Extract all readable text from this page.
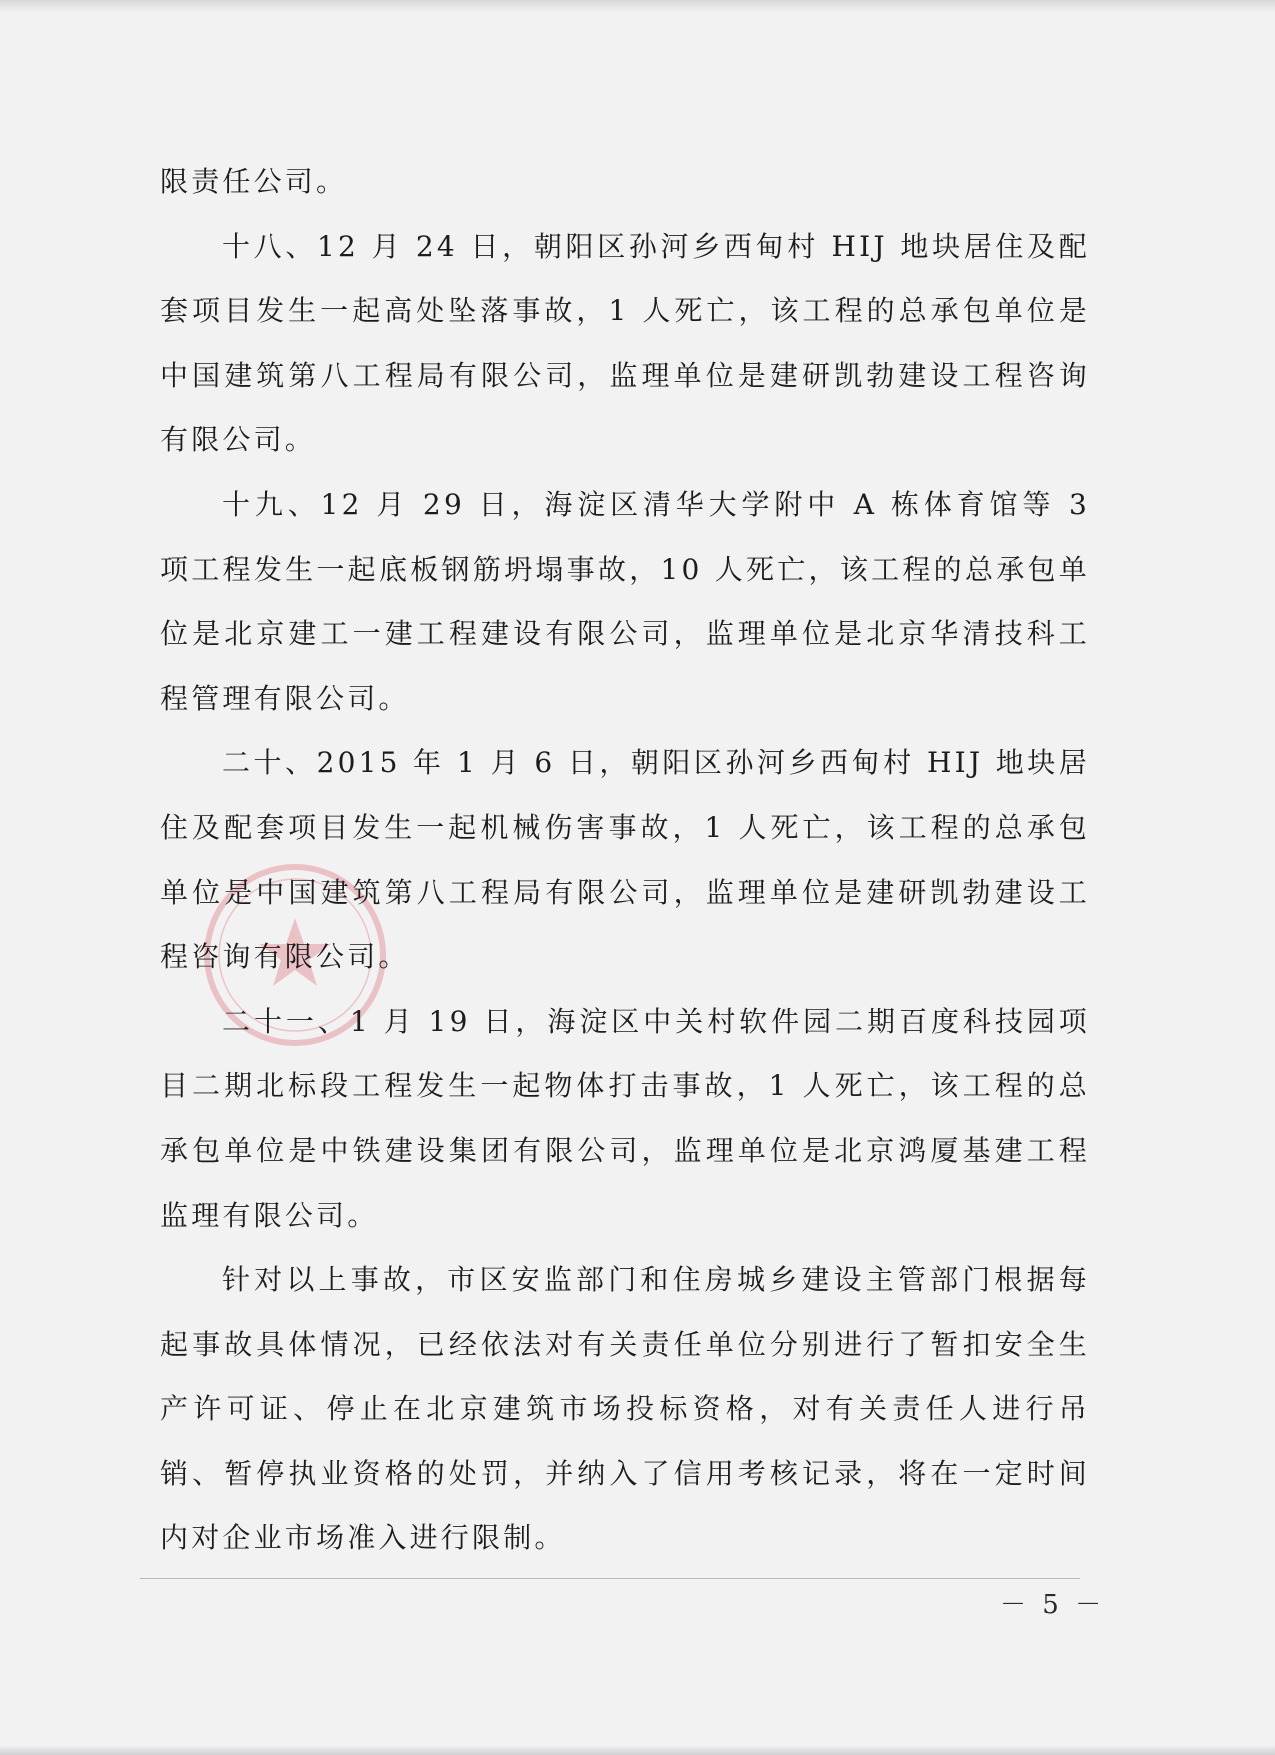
限责任公司。

十八、12 月 24 日，朝阳区孙河乡西甸村 HIJ 地块居住及配套项目发生一起高处坠落事故，1 人死亡，该工程的总承包单位是中国建筑第八工程局有限公司，监理单位是建研凯勃建设工程咨询有限公司。

十九、12 月 29 日，海淀区清华大学附中 A 栋体育馆等 3 项工程发生一起底板钢筋坍塌事故，10 人死亡，该工程的总承包单位是北京建工一建工程建设有限公司，监理单位是北京华清技科工程管理有限公司。

二十、2015 年 1 月 6 日，朝阳区孙河乡西甸村 HIJ 地块居住及配套项目发生一起机械伤害事故，1 人死亡，该工程的总承包单位是中国建筑第八工程局有限公司，监理单位是建研凯勃建设工程咨询有限公司。

二十一、1 月 19 日，海淀区中关村软件园二期百度科技园项目二期北标段工程发生一起物体打击事故，1 人死亡，该工程的总承包单位是中铁建设集团有限公司，监理单位是北京鸿厦基建工程监理有限公司。

针对以上事故，市区安监部门和住房城乡建设主管部门根据每起事故具体情况，已经依法对有关责任单位分别进行了暂扣安全生产许可证、停止在北京建筑市场投标资格，对有关责任人进行吊销、暂停执业资格的处罚，并纳入了信用考核记录，将在一定时间内对企业市场准入进行限制。

－ 5 －
